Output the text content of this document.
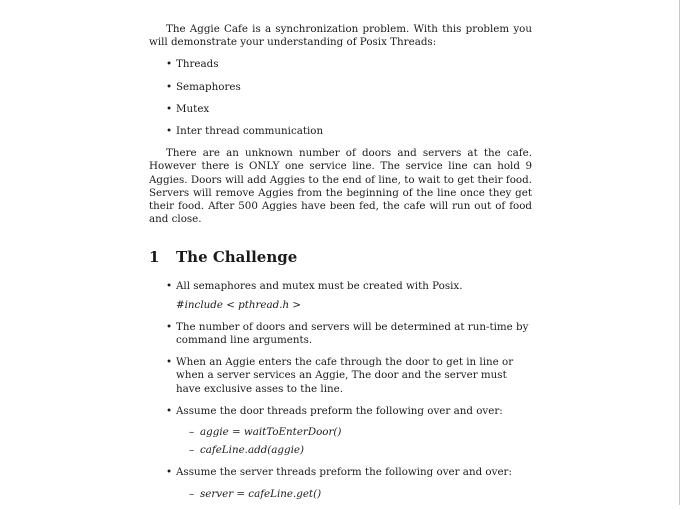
The Aggie Cafe is a synchronization problem. With this problem you will demonstrate your understanding of Posix Threads:

• Threads
• Semaphores
• Mutex
• Inter thread communication

There are an unknown number of doors and servers at the cafe. However there is ONLY one service line. The service line can hold 9 Aggies. Doors will add Aggies to the end of line, to wait to get their food. Servers will remove Aggies from the beginning of the line once they get their food. After 500 Aggies have been fed, the cafe will run out of food and close.

1 The Challenge
• All semaphores and mutex must be created with Posix.
#include < pthread.h >
• The number of doors and servers will be determined at run-time by command line arguments.
• When an Aggie enters the cafe through the door to get in line or when a server services an Aggie, The door and the server must have exclusive asses to the line.
• Assume the door threads preform the following over and over:
– aggie = waitToEnterDoor()
– cafeLine.add(aggie)
• Assume the server threads preform the following over and over:
– server = cafeLine.get()
